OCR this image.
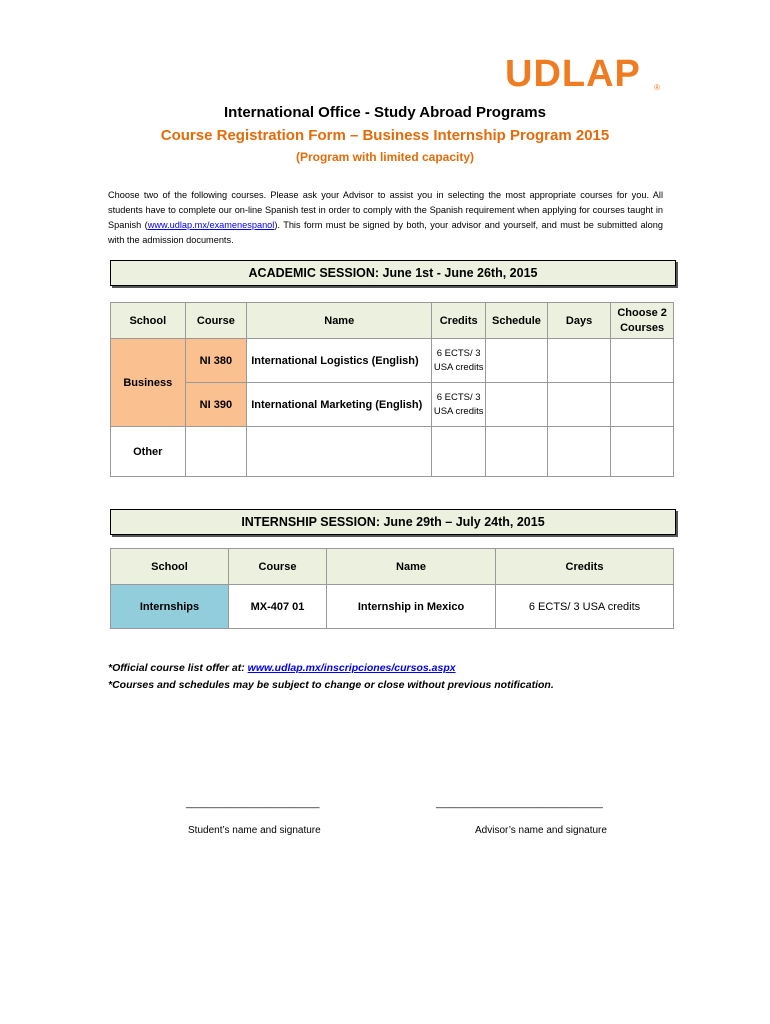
UDLAP ®
International Office - Study Abroad Programs
Course Registration Form – Business Internship Program 2015
(Program with limited capacity)
Choose two of the following courses. Please ask your Advisor to assist you in selecting the most appropriate courses for you. All students have to complete our on-line Spanish test in order to comply with the Spanish requirement when applying for courses taught in Spanish (www.udlap.mx/examenespanol). This form must be signed by both, your advisor and yourself, and must be submitted along with the admission documents.
ACADEMIC SESSION: June 1st - June 26th, 2015
School	Course	Name	Credits	Schedule	Days	Choose 2 Courses
Business	NI 380	International Logistics (English)	6 ECTS/ 3 USA credits			
	NI 390	International Marketing (English)	6 ECTS/ 3 USA credits			
Other						
INTERNSHIP SESSION: June 29th – July 24th, 2015
School	Course	Name	Credits
Internships	MX-407 01	Internship in Mexico	6 ECTS/ 3 USA credits
*Official course list offer at: www.udlap.mx/inscripciones/cursos.aspx
*Courses and schedules may be subject to change or close without previous notification.
________________________	______________________________
Student’s name and signature	Advisor’s name and signature
